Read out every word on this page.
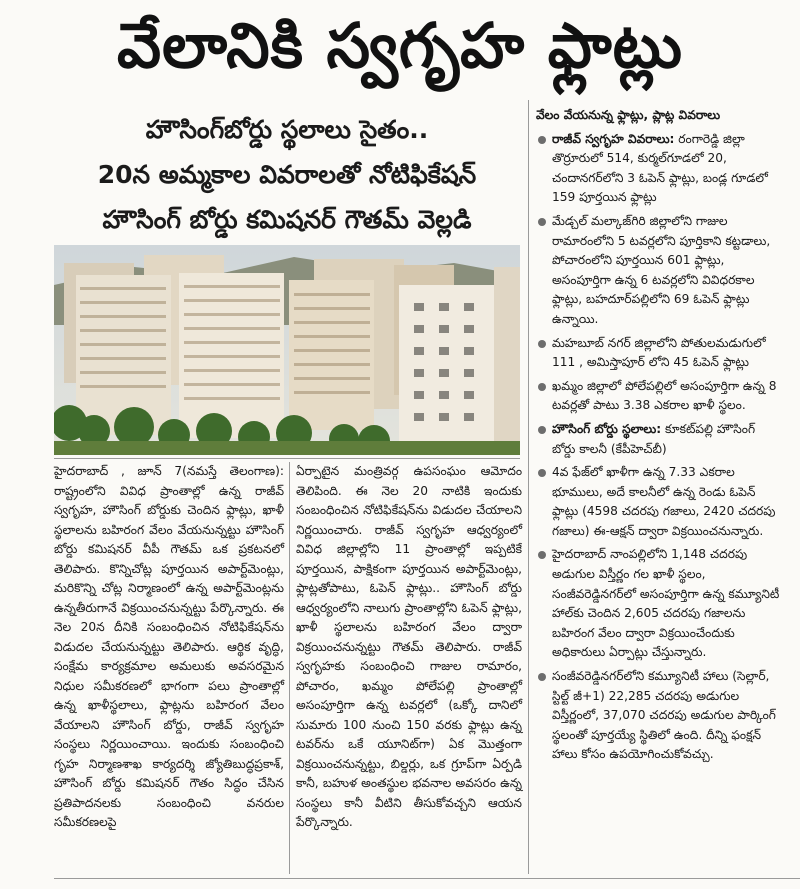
వేలానికి స్వగృహ ఫ్లాట్లు
హౌసింగ్‌బోర్డు స్థలాలు సైతం..
20న అమ్మకాల వివరాలతో నోటిఫికేషన్
హౌసింగ్ బోర్డు కమిషనర్ గౌతమ్ వెల్లడి

హైదరాబాద్ , జూన్ 7(నమస్తే తెలంగాణ): రాష్ట్రంలోని వివిధ ప్రాంతాల్లో ఉన్న రాజీవ్ స్వగృహ, హౌసింగ్ బోర్డుకు చెందిన ఫ్లాట్లు, ఖాళీ స్థలాలను బహిరంగ వేలం వేయనున్నట్టు హౌసింగ్ బోర్డు కమిషనర్ వీపీ గౌతమ్ ఒక ప్రకటనలో తెలిపారు. కొన్నిచోట్ల పూర్తయిన అపార్ట్‌మెంట్లు, మరికొన్ని చోట్ల నిర్మాణంలో ఉన్న అపార్ట్‌మెంట్లను ఉన్నతీరుగానే విక్రయించనున్నట్టు పేర్కొన్నారు. ఈ నెల 20న దీనికి సంబంధించిన నోటిఫికేషన్‌ను విడుదల చేయనున్నట్టు తెలిపారు. ఆర్థిక వృద్ధి, సంక్షేమ కార్యక్రమాల అమలుకు అవసరమైన నిధుల సమీకరణలో భాగంగా పలు ప్రాంతాల్లో ఉన్న ఖాళీస్థలాలు, ఫ్లాట్లను బహిరంగ వేలం వేయాలని హౌసింగ్ బోర్డు, రాజీవ్ స్వగృహ సంస్థలు నిర్ణయించాయి. ఇందుకు సంబంధించి గృహ నిర్మాణశాఖ కార్యదర్శి జ్యోతిబుద్ధప్రకాశ్, హౌసింగ్ బోర్డు కమిషనర్ గౌతం సిద్ధం చేసిన ప్రతిపాదనలకు సంబంధించి వనరుల సమీకరణలపై

ఏర్పాటైన మంత్రివర్గ ఉపసంఘం ఆమోదం తెలిపింది. ఈ నెల 20 నాటికి ఇందుకు సంబంధించిన నోటిఫికేషన్‌ను విడుదల చేయాలని నిర్ణయించారు. రాజీవ్ స్వగృహ ఆధ్వర్యంలో వివిధ జిల్లాల్లోని 11 ప్రాంతాల్లో ఇప్పటికే పూర్తయిన, పాక్షికంగా పూర్తయిన అపార్ట్‌మెంట్లు, ఫ్లాట్లతోపాటు, ఓపెన్ ఫ్లాట్లు.. హౌసింగ్ బోర్డు ఆధ్వర్యంలోని నాలుగు ప్రాంతాల్లోని ఓపెన్ ఫ్లాట్లు, ఖాళీ స్థలాలను బహిరంగ వేలం ద్వారా విక్రయించనున్నట్టు గౌతమ్ తెలిపారు. రాజీవ్ స్వగృహకు సంబంధించి గాజుల రామారం, పోచారం, ఖమ్మం పోలేపల్లి ప్రాంతాల్లో అసంపూర్తిగా ఉన్న టవర్లలో (ఒక్కో దానిలో సుమారు 100 నుంచి 150 వరకు ఫ్లాట్లు ఉన్న టవర్‌ను ఒకే యూనిట్‌గా) ఏక మొత్తంగా విక్రయించనున్నట్టు, బిల్డర్లు, ఒక గ్రూప్‌గా ఏర్పడి కానీ, బహుళ అంతస్థుల భవనాల అవసరం ఉన్న సంస్థలు కానీ వీటిని తీసుకోవచ్చని ఆయన పేర్కొన్నారు.

వేలం వేయనున్న ఫ్లాట్లు, ప్లాట్ల వివరాలు
రాజీవ్ స్వగృహ వివరాలు: రంగారెడ్డి జిల్లా తొర్రూరులో 514, కుర్మల్‌గూడలో 20, చందానగర్‌లోని 3 ఓపెన్ ఫ్లాట్లు, బండ్ల గూడలో 159 పూర్తయిన ఫ్లాట్లు
మేడ్చల్ మల్కాజ్‌గిరి జిల్లాలోని గాజుల రామారంలోని 5 టవర్లలోని పూర్తికాని కట్టడాలు, పోచారంలోని పూర్తయిన 601 ఫ్లాట్లు, అసంపూర్తిగా ఉన్న 6 టవర్లలోని వివిధరకాల ఫ్లాట్లు, బహదూర్‌పల్లిలోని 69 ఓపెన్ ఫ్లాట్లు ఉన్నాయి.
మహబూబ్ నగర్ జిల్లాలోని పోతులమడుగులో 111 , అమిస్తాపూర్ లోని 45 ఓపెన్ ఫ్లాట్లు
ఖమ్మం జిల్లాలో పోలేపల్లిలో అసంపూర్తిగా ఉన్న 8 టవర్లతో పాటు 3.38 ఎకరాల ఖాళీ స్థలం.
హౌసింగ్ బోర్డు స్థలాలు: కూకట్‌పల్లి హౌసింగ్ బోర్డు కాలనీ (కేపీహెచ్‌బీ)
4వ ఫేజ్‌లో ఖాళీగా ఉన్న 7.33 ఎకరాల భూములు, అదే కాలనీలో ఉన్న రెండు ఓపెన్ ఫ్లాట్లు (4598 చదరపు గజాలు, 2420 చదరపు గజాలు) ఈ-ఆక్షన్ ద్వారా విక్రయించనున్నారు.
హైదరాబాద్ నాంపల్లిలోని 1,148 చదరపు అడుగుల విస్తీర్ణం గల ఖాళీ స్థలం, సంజీవరెడ్డినగర్‌లో అసంపూర్తిగా ఉన్న కమ్యూనిటీ హాల్‌కు చెందిన 2,605 చదరపు గజాలను బహిరంగ వేలం ద్వారా విక్రయించేందుకు అధికారులు ఏర్పాట్లు చేస్తున్నారు.
సంజీవరెడ్డినగర్‌లోని కమ్యూనిటీ హాలు (సెల్లార్, స్టిల్ట్ జీ+1) 22,285 చదరపు అడుగుల విస్తీర్ణంలో, 37,070 చదరపు అడుగుల పార్కింగ్ స్థలంతో పూర్తయ్యే స్థితిలో ఉంది. దీన్ని ఫంక్షన్ హాలు కోసం ఉపయోగించుకోవచ్చు.
